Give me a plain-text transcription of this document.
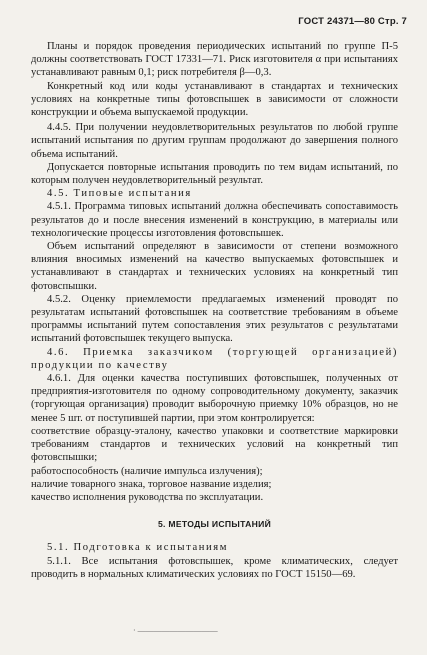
ГОСТ 24371—80 Стр. 7

Планы и порядок проведения периодических испытаний по группе П-5 должны соответствовать ГОСТ 17331—71. Риск изготовителя α при испытаниях устанавливают равным 0,1; риск потребителя β—0,3.

Конкретный код или коды устанавливают в стандартах и технических условиях на конкретные типы фотовспышек в зависимости от сложности конструкции и объема выпускаемой продукции.

4.4.5. При получении неудовлетворительных результатов по любой группе испытаний испытания по другим группам продолжают до завершения полного объема испытаний.

Допускается повторные испытания проводить по тем видам испытаний, по которым получен неудовлетворительный результат.

4.5. Типовые испытания

4.5.1. Программа типовых испытаний должна обеспечивать сопоставимость результатов до и после внесения изменений в конструкцию, в материалы или технологические процессы изготовления фотовспышек.

Объем испытаний определяют в зависимости от степени возможного влияния вносимых изменений на качество выпускаемых фотовспышек и устанавливают в стандартах и технических условиях на конкретный тип фотовспышки.

4.5.2. Оценку приемлемости предлагаемых изменений проводят по результатам испытаний фотовспышек на соответствие требованиям в объеме программы испытаний путем сопоставления этих результатов с результатами испытаний фотовспышек текущего выпуска.

4.6. Приемка заказчиком (торгующей организацией) продукции по качеству

4.6.1. Для оценки качества поступивших фотовспышек, полученных от предприятия-изготовителя по одному сопроводительному документу, заказчик (торгующая организация) проводит выборочную приемку 10% образцов, но не менее 5 шт. от поступившей партии, при этом контролируется:

соответствие образцу-эталону, качество упаковки и соответствие маркировки требованиям стандартов и технических условий на конкретный тип фотовспышки;

работоспособность (наличие импульса излучения);

наличие товарного знака, торговое название изделия;

качество исполнения руководства по эксплуатации.

5. МЕТОДЫ ИСПЫТАНИЙ

5.1. Подготовка к испытаниям

5.1.1. Все испытания фотовспышек, кроме климатических, следует проводить в нормальных климатических условиях по ГОСТ 15150—69.

· ——————————
